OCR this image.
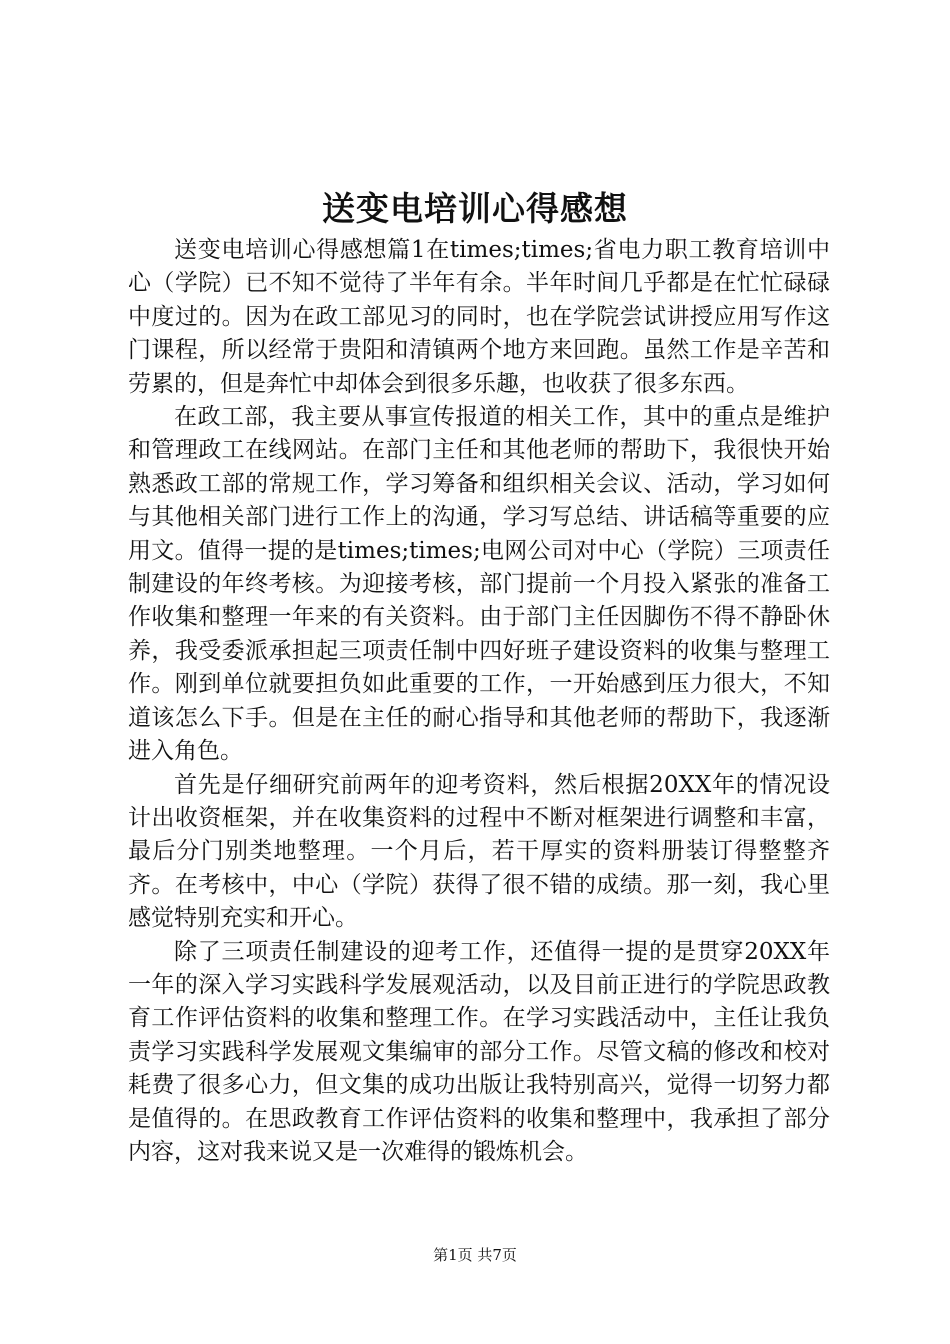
送变电培训心得感想

送变电培训心得感想篇1在times;times;省电力职工教育培训中心（学院）已不知不觉待了半年有余。半年时间几乎都是在忙忙碌碌中度过的。因为在政工部见习的同时，也在学院尝试讲授应用写作这门课程，所以经常于贵阳和清镇两个地方来回跑。虽然工作是辛苦和劳累的，但是奔忙中却体会到很多乐趣，也收获了很多东西。

在政工部，我主要从事宣传报道的相关工作，其中的重点是维护和管理政工在线网站。在部门主任和其他老师的帮助下，我很快开始熟悉政工部的常规工作，学习筹备和组织相关会议、活动，学习如何与其他相关部门进行工作上的沟通，学习写总结、讲话稿等重要的应用文。值得一提的是times;times;电网公司对中心（学院）三项责任制建设的年终考核。为迎接考核，部门提前一个月投入紧张的准备工作收集和整理一年来的有关资料。由于部门主任因脚伤不得不静卧休养，我受委派承担起三项责任制中四好班子建设资料的收集与整理工作。刚到单位就要担负如此重要的工作，一开始感到压力很大，不知道该怎么下手。但是在主任的耐心指导和其他老师的帮助下，我逐渐进入角色。

首先是仔细研究前两年的迎考资料，然后根据20XX年的情况设计出收资框架，并在收集资料的过程中不断对框架进行调整和丰富，最后分门别类地整理。一个月后，若干厚实的资料册装订得整整齐齐。在考核中，中心（学院）获得了很不错的成绩。那一刻，我心里感觉特别充实和开心。

除了三项责任制建设的迎考工作，还值得一提的是贯穿20XX年一年的深入学习实践科学发展观活动，以及目前正进行的学院思政教育工作评估资料的收集和整理工作。在学习实践活动中，主任让我负责学习实践科学发展观文集编审的部分工作。尽管文稿的修改和校对耗费了很多心力，但文集的成功出版让我特别高兴，觉得一切努力都是值得的。在思政教育工作评估资料的收集和整理中，我承担了部分内容，这对我来说又是一次难得的锻炼机会。

第1页 共7页
